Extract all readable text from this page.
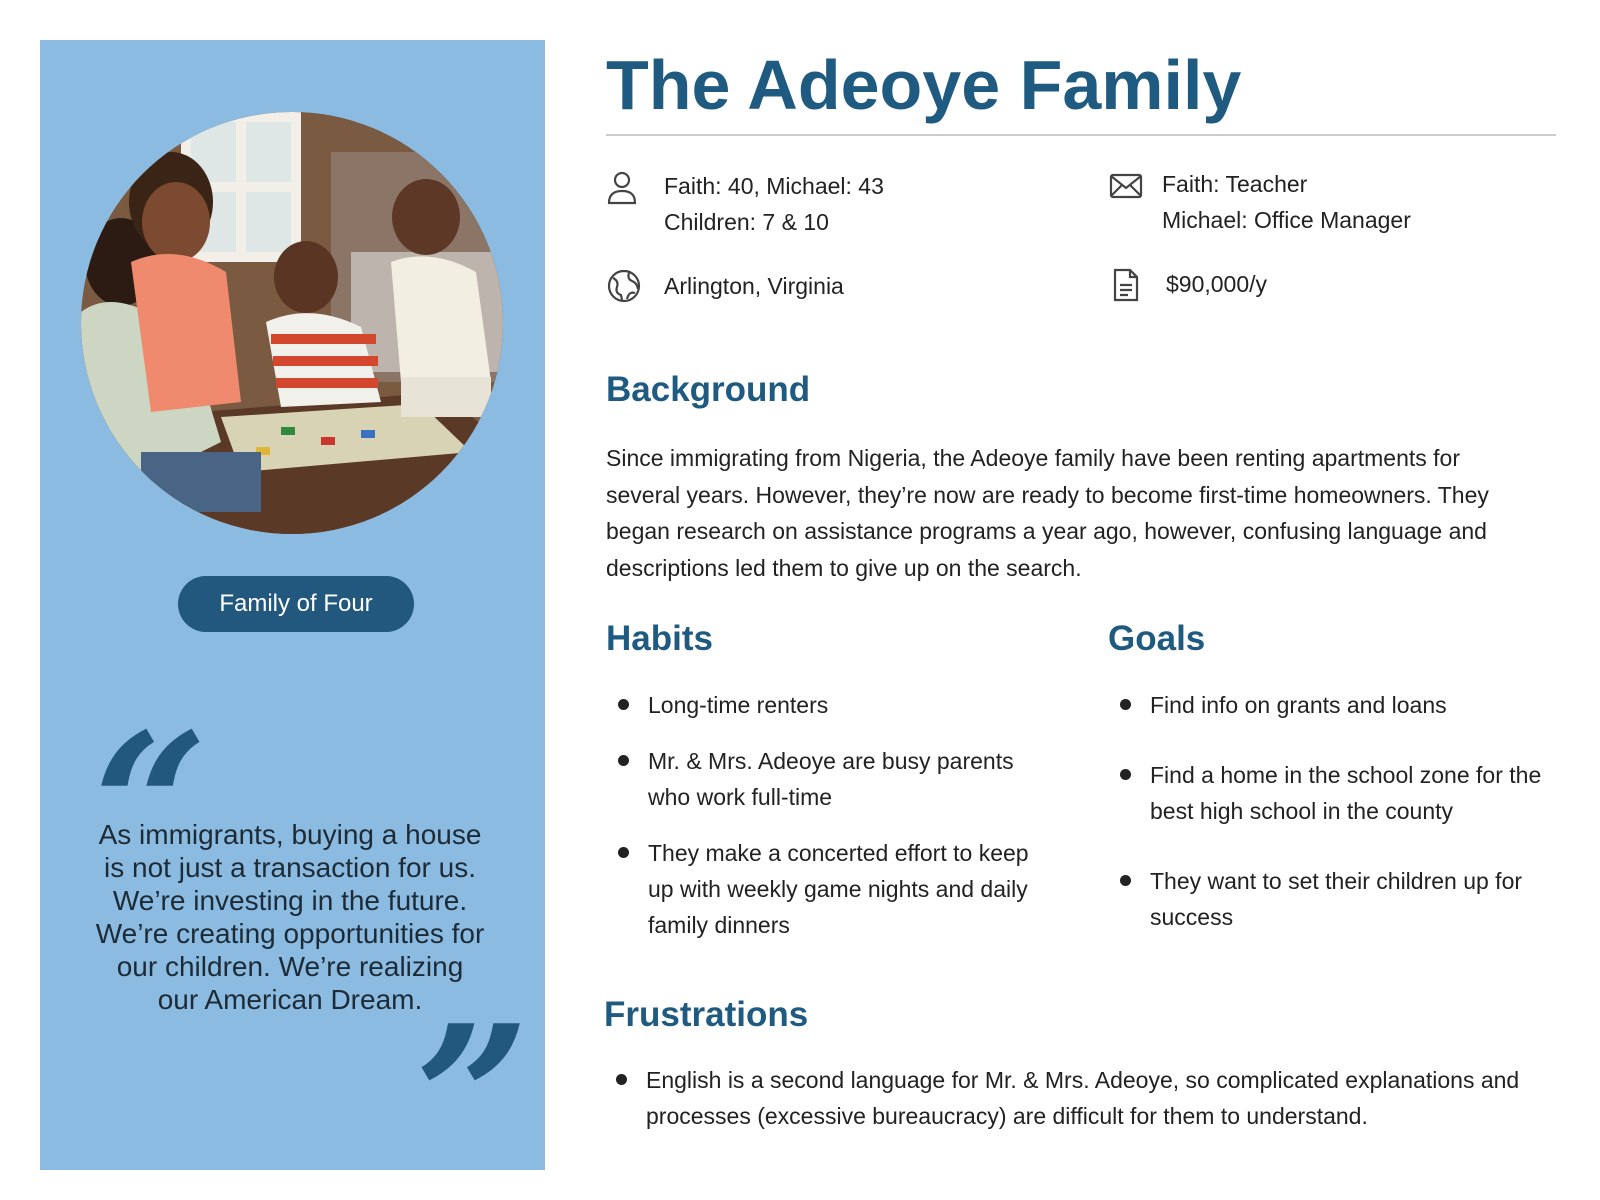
Family of Four
“
As immigrants, buying a house is not just a transaction for us. We’re investing in the future. We’re creating opportunities for our children. We’re realizing our American Dream.
”
The Adeoye Family
Faith: 40, Michael: 43
Children: 7 & 10
Faith: Teacher
Michael: Office Manager
Arlington, Virginia	$90,000/y
Background

Since immigrating from Nigeria, the Adeoye family have been renting apartments for several years. However, they’re now are ready to become first-time homeowners. They began research on assistance programs a year ago, however, confusing language and descriptions led them to give up on the search.

Habits
Long-time renters
Mr. & Mrs. Adeoye are busy parents who work full-time
They make a concerted effort to keep up with weekly game nights and daily family dinners
Goals
Find info on grants and loans
Find a home in the school zone for the best high school in the county
They want to set their children up for success
Frustrations
English is a second language for Mr. & Mrs. Adeoye, so complicated explanations and processes (excessive bureaucracy) are difficult for them to understand.
